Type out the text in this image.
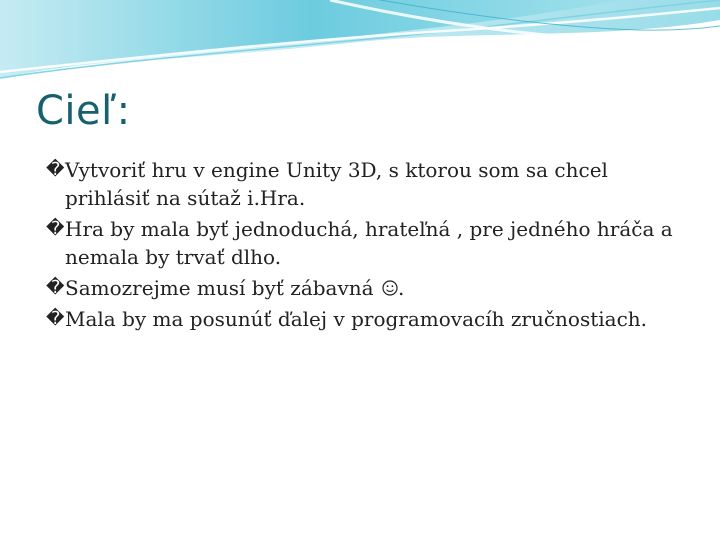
Cieľ:
� Vytvoriť hru v engine Unity 3D, s ktorou som sa chcel prihlásiť na sútaž i.Hra.
� Hra by mala byť jednoduchá, hrateľná , pre jedného hráča a nemala by trvať dlho.
� Samozrejme musí byť zábavná .
� Mala by ma posunúť ďalej v programovacíh zručnostiach.
